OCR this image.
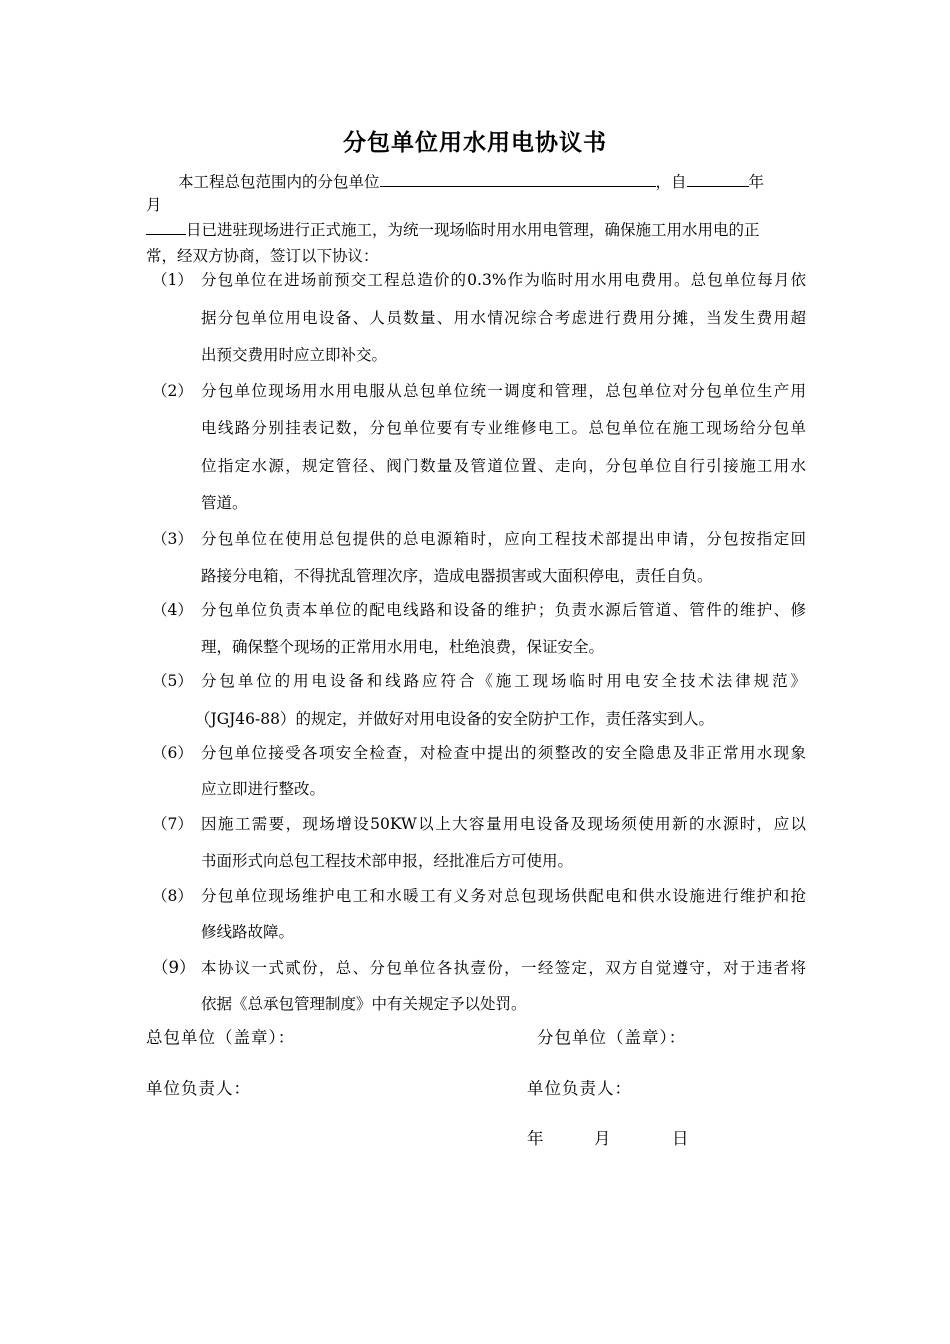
分包单位用水用电协议书
本工程总包范围内的分包单位	，自	年
月
日已进驻现场进行正式施工，为统一现场临时用水用电管理，确保施工用水用电的正
常，经双方协商，签订以下协议：
（1） 分包单位在进场前预交工程总造价的0.3%作为临时用水用电费用。总包单位每月依
据分包单位用电设备、人员数量、用水情况综合考虑进行费用分摊，当发生费用超
出预交费用时应立即补交。
（2） 分包单位现场用水用电服从总包单位统一调度和管理，总包单位对分包单位生产用
电线路分别挂表记数，分包单位要有专业维修电工。总包单位在施工现场给分包单
位指定水源，规定管径、阀门数量及管道位置、走向，分包单位自行引接施工用水
管道。
（3） 分包单位在使用总包提供的总电源箱时，应向工程技术部提出申请，分包按指定回
路接分电箱，不得扰乱管理次序，造成电器损害或大面积停电，责任自负。
（4） 分包单位负责本单位的配电线路和设备的维护；负责水源后管道、管件的维护、修
理，确保整个现场的正常用水用电，杜绝浪费，保证安全。
（5） 分包单位的用电设备和线路应符合《施工现场临时用电安全技术法律规范》
（JGJ46-88）的规定，并做好对用电设备的安全防护工作，责任落实到人。
（6） 分包单位接受各项安全检查，对检查中提出的须整改的安全隐患及非正常用水现象
应立即进行整改。
（7） 因施工需要，现场增设50KW以上大容量用电设备及现场须使用新的水源时，应以
书面形式向总包工程技术部申报，经批准后方可使用。
（8） 分包单位现场维护电工和水暖工有义务对总包现场供配电和供水设施进行维护和抢
修线路故障。
（9） 本协议一式贰份，总、分包单位各执壹份，一经签定，双方自觉遵守，对于违者将
依据《总承包管理制度》中有关规定予以处罚。
总包单位（盖章）：	分包单位（盖章）：
单位负责人：	单位负责人：
年	月	日
